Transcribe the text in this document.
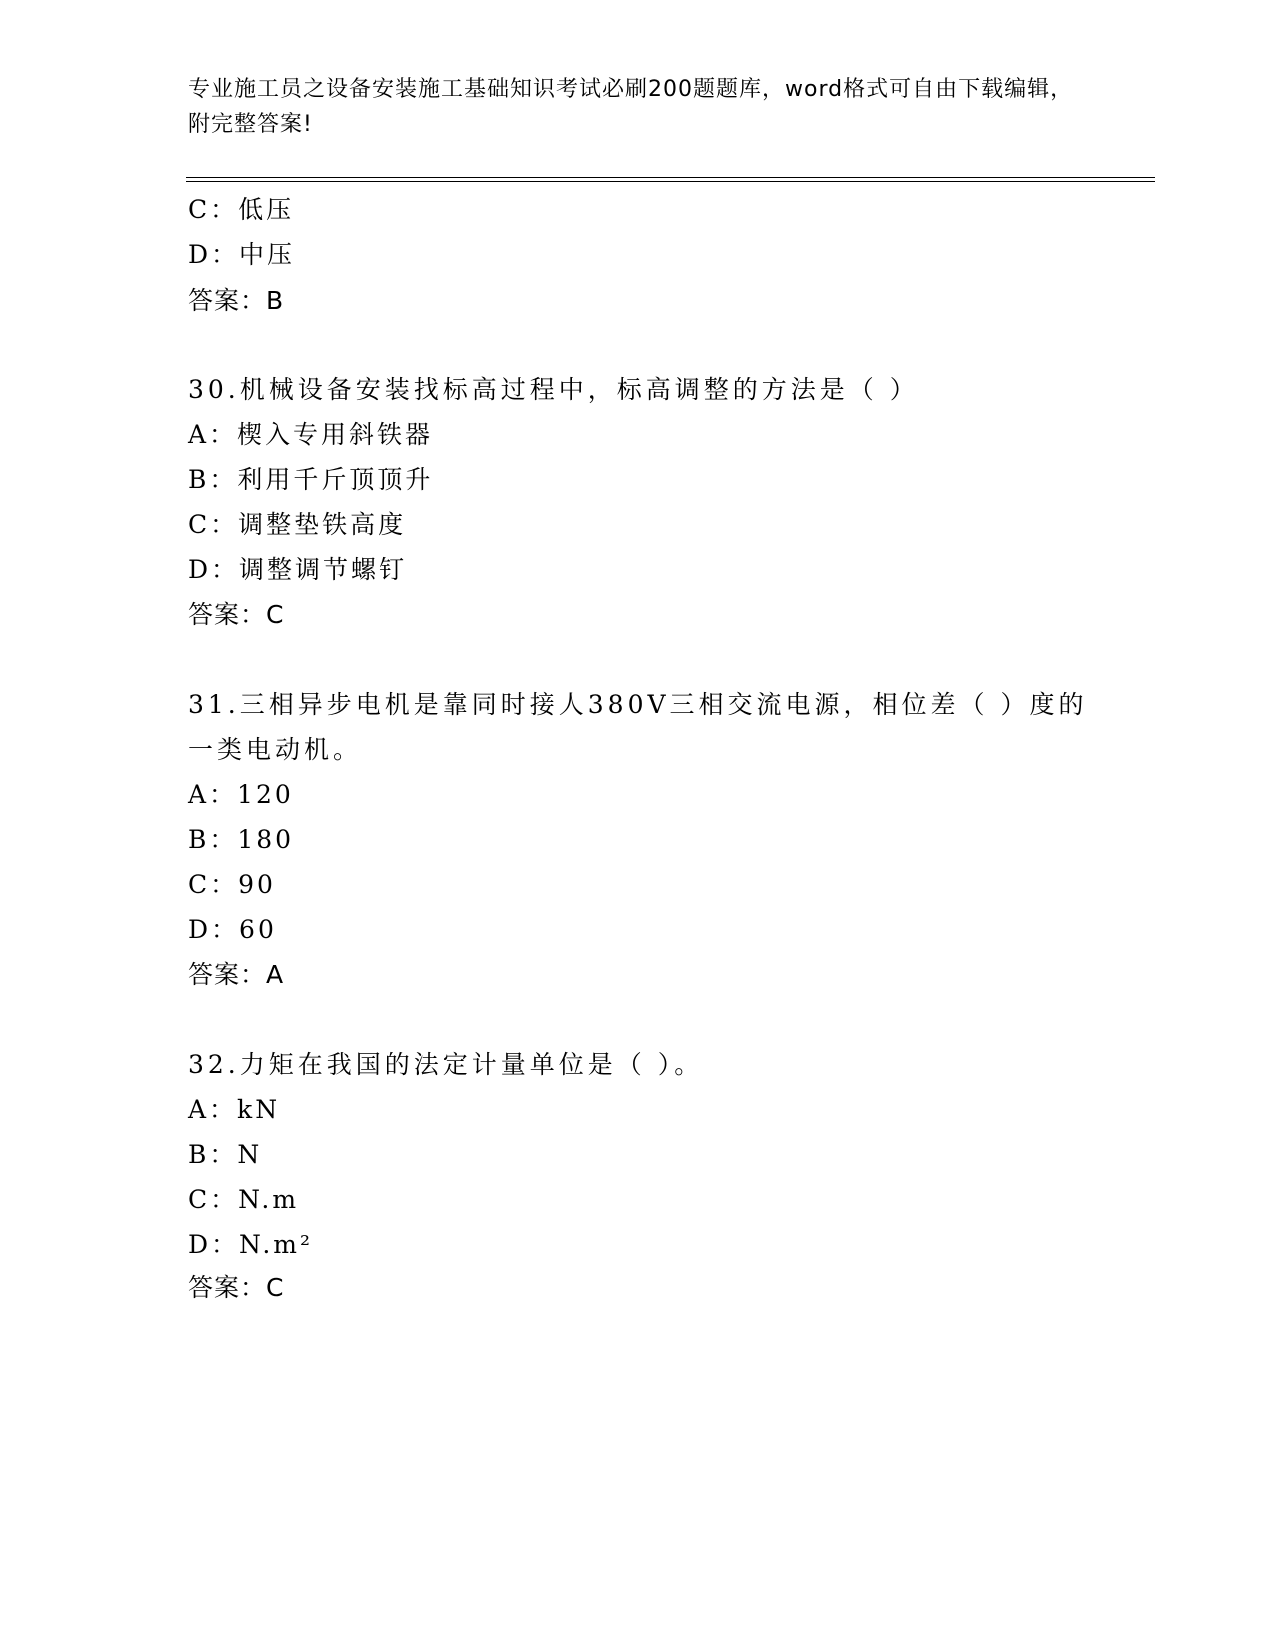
专业施工员之设备安装施工基础知识考试必刷200题题库，word格式可自由下载编辑，附完整答案!
C：低压
D：中压
答案：B
30.机械设备安装找标高过程中，标高调整的方法是（ ）
A：楔入专用斜铁器
B：利用千斤顶顶升
C：调整垫铁高度
D：调整调节螺钉
答案：C
31.三相异步电机是靠同时接人380V三相交流电源，相位差（ ）度的
一类电动机。
A：120
B：180
C：90
D：60
答案：A
32.力矩在我国的法定计量单位是（ ）。
A：kN
B：N
C：N.m
D：N.m²
答案：C
